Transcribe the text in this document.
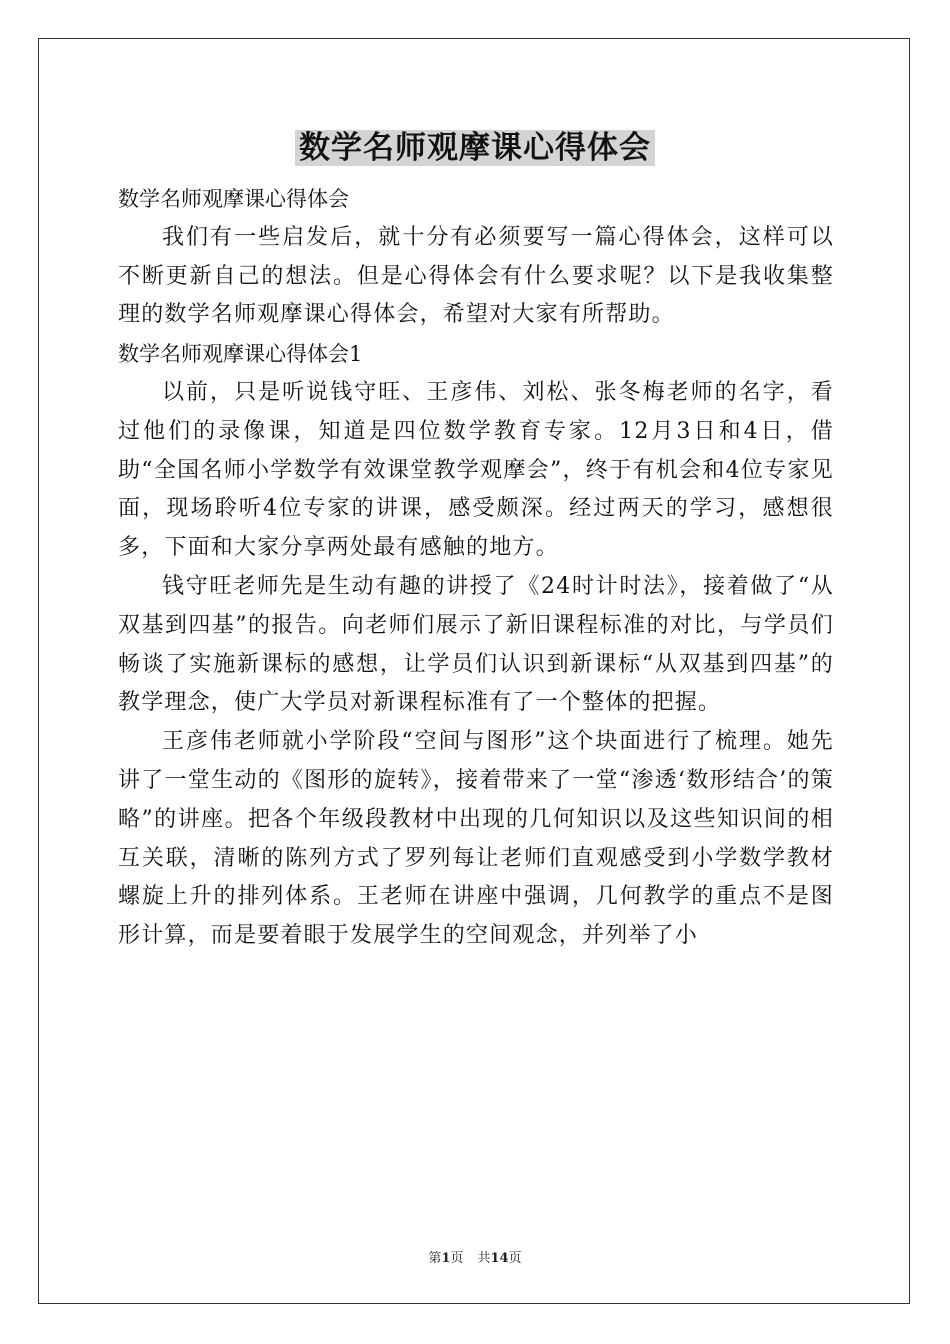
数学名师观摩课心得体会

数学名师观摩课心得体会

我们有一些启发后，就十分有必须要写一篇心得体会，这样可以不断更新自己的想法。但是心得体会有什么要求呢？以下是我收集整理的数学名师观摩课心得体会，希望对大家有所帮助。

数学名师观摩课心得体会1

以前，只是听说钱守旺、王彦伟、刘松、张冬梅老师的名字，看过他们的录像课，知道是四位数学教育专家。12月3日和4日，借助“全国名师小学数学有效课堂教学观摩会”，终于有机会和4位专家见面，现场聆听4位专家的讲课，感受颇深。经过两天的学习，感想很多，下面和大家分享两处最有感触的地方。

钱守旺老师先是生动有趣的讲授了《24时计时法》，接着做了“从双基到四基”的报告。向老师们展示了新旧课程标准的对比，与学员们畅谈了实施新课标的感想，让学员们认识到新课标“从双基到四基”的教学理念，使广大学员对新课程标准有了一个整体的把握。

王彦伟老师就小学阶段“空间与图形”这个块面进行了梳理。她先讲了一堂生动的《图形的旋转》，接着带来了一堂“渗透‘数形结合’的策略”的讲座。把各个年级段教材中出现的几何知识以及这些知识间的相互关联，清晰的陈列方式了罗列每让老师们直观感受到小学数学教材螺旋上升的排列体系。王老师在讲座中强调，几何教学的重点不是图形计算，而是要着眼于发展学生的空间观念，并列举了小

第1页 共14页
